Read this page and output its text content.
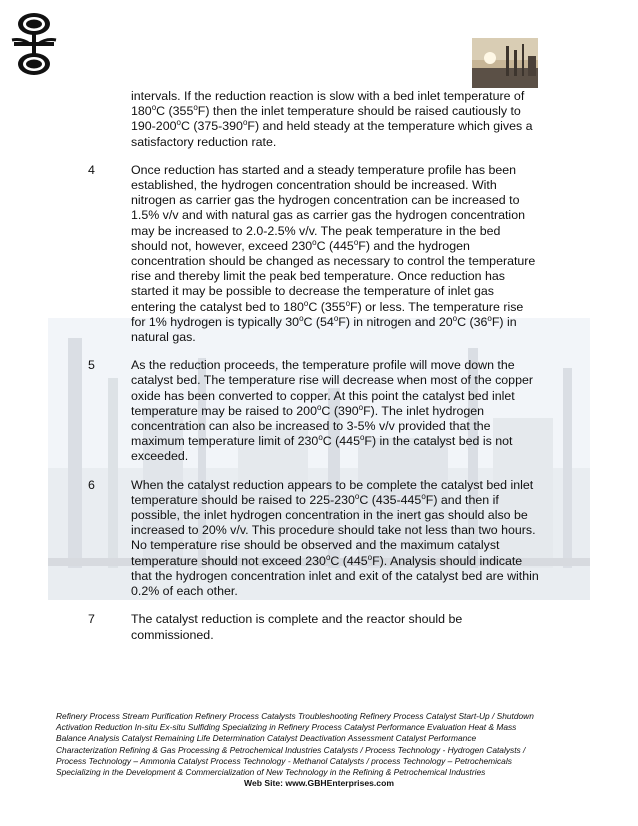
intervals. If the reduction reaction is slow with a bed inlet temperature of
180$^o$C (355$^o$F) then the inlet temperature should be raised cautiously to
190-200$^o$C (375-390$^o$F) and held steady at the temperature which gives a
satisfactory reduction rate.
4	Once reduction has started and a steady temperature profile has been
established, the hydrogen concentration should be increased. With
nitrogen as carrier gas the hydrogen concentration can be increased to
1.5% v/v and with natural gas as carrier gas the hydrogen concentration
may be increased to 2.0-2.5% v/v. The peak temperature in the bed
should not, however, exceed 230$^o$C (445$^o$F) and the hydrogen
concentration should be changed as necessary to control the temperature
rise and thereby limit the peak bed temperature. Once reduction has
started it may be possible to decrease the temperature of inlet gas
entering the catalyst bed to 180$^o$C (355$^o$F) or less. The temperature rise
for 1% hydrogen is typically 30$^o$C (54$^o$F) in nitrogen and 20$^o$C (36$^o$F) in
natural gas.
5	As the reduction proceeds, the temperature profile will move down the
catalyst bed. The temperature rise will decrease when most of the copper
oxide has been converted to copper. At this point the catalyst bed inlet
temperature may be raised to 200$^o$C (390$^o$F). The inlet hydrogen
concentration can also be increased to 3-5% v/v provided that the
maximum temperature limit of 230$^o$C (445$^o$F) in the catalyst bed is not
exceeded.
6	When the catalyst reduction appears to be complete the catalyst bed inlet
temperature should be raised to 225-230$^o$C (435-445$^o$F) and then if
possible, the inlet hydrogen concentration in the inert gas should also be
increased to 20% v/v. This procedure should take not less than two hours.
No temperature rise should be observed and the maximum catalyst
temperature should not exceed 230$^o$C (445$^o$F). Analysis should indicate
that the hydrogen concentration inlet and exit of the catalyst bed are within
0.2% of each other.
7	The catalyst reduction is complete and the reactor should be
commissioned.
Refinery Process Stream Purification Refinery Process Catalysts Troubleshooting Refinery Process Catalyst Start-Up / Shutdown
Activation Reduction In-situ Ex-situ Sulfiding Specializing in Refinery Process Catalyst Performance Evaluation Heat & Mass
Balance Analysis Catalyst Remaining Life Determination Catalyst Deactivation Assessment Catalyst Performance
Characterization Refining & Gas Processing & Petrochemical Industries Catalysts / Process Technology - Hydrogen Catalysts /
Process Technology – Ammonia Catalyst Process Technology - Methanol Catalysts / process Technology – Petrochemicals
Specializing in the Development & Commercialization of New Technology in the Refining & Petrochemical Industries
Web Site: www.GBHEnterprises.com
